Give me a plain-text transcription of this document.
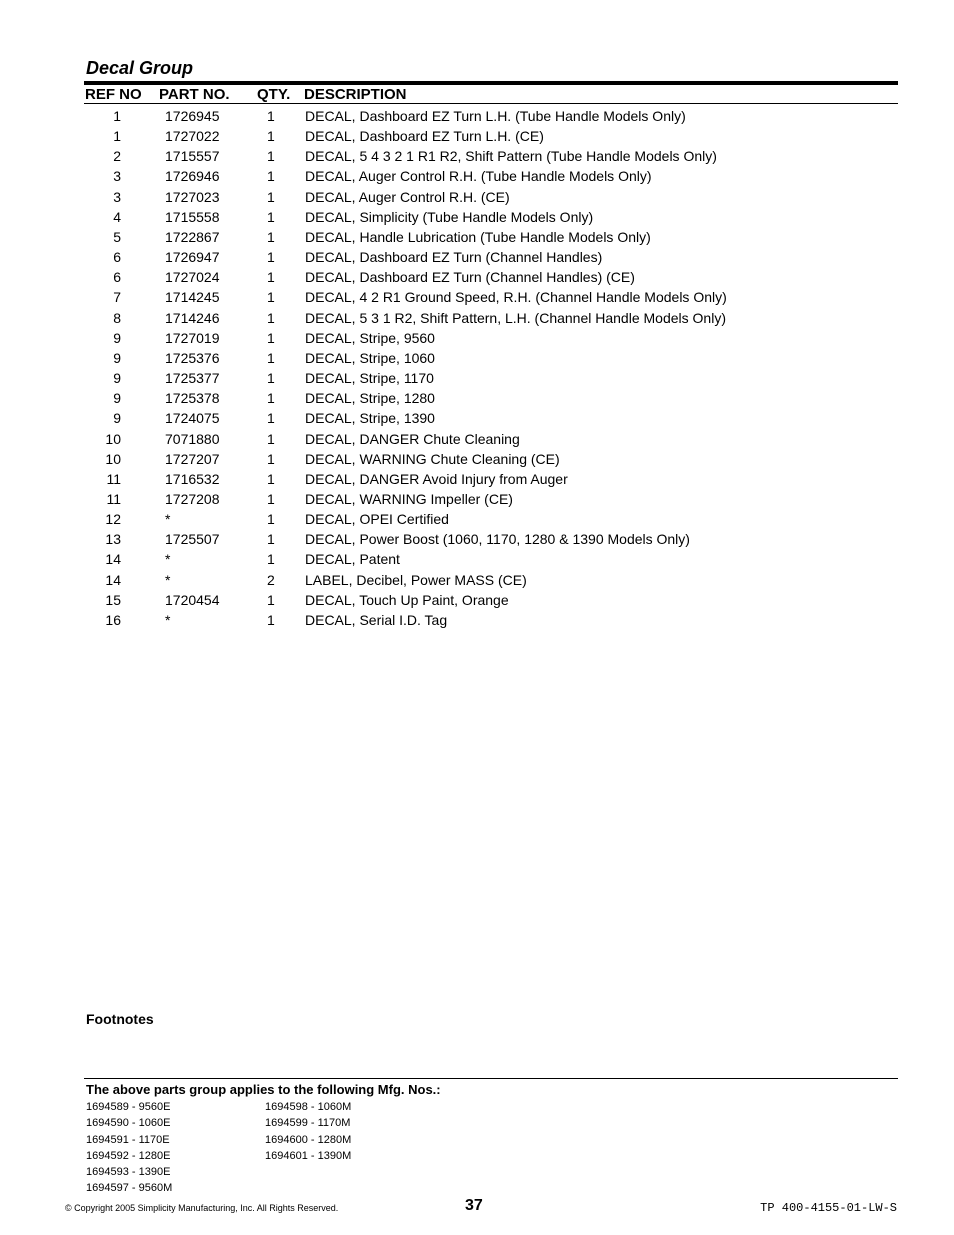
Decal Group
REF NO PART NO. QTY. DESCRIPTION
1	1726945	1 DECAL, Dashboard EZ Turn L.H. (Tube Handle Models Only)
1	1727022	1 DECAL, Dashboard EZ Turn L.H. (CE)
2	1715557	1 DECAL, 5 4 3 2 1 R1 R2, Shift Pattern (Tube Handle Models Only)
3	1726946	1 DECAL, Auger Control R.H. (Tube Handle Models Only)
3	1727023	1 DECAL, Auger Control R.H. (CE)
4	1715558	1 DECAL, Simplicity (Tube Handle Models Only)
5	1722867	1 DECAL, Handle Lubrication (Tube Handle Models Only)
6	1726947	1 DECAL, Dashboard EZ Turn (Channel Handles)
6	1727024	1 DECAL, Dashboard EZ Turn (Channel Handles) (CE)
7	1714245	1 DECAL, 4 2 R1 Ground Speed, R.H. (Channel Handle Models Only)
8	1714246	1 DECAL, 5 3 1 R2, Shift Pattern, L.H. (Channel Handle Models Only)
9	1727019	1 DECAL, Stripe, 9560
9	1725376	1 DECAL, Stripe, 1060
9	1725377	1 DECAL, Stripe, 1170
9	1725378	1 DECAL, Stripe, 1280
9	1724075	1 DECAL, Stripe, 1390
10	7071880	1 DECAL, DANGER Chute Cleaning
10	1727207	1 DECAL, WARNING Chute Cleaning (CE)
11	1716532	1 DECAL, DANGER Avoid Injury from Auger
11	1727208	1 DECAL, WARNING Impeller (CE)
12	*	1 DECAL, OPEI Certified
13	1725507	1 DECAL, Power Boost (1060, 1170, 1280 & 1390 Models Only)
14	*	1 DECAL, Patent
14	*	2 LABEL, Decibel, Power MASS (CE)
15	1720454	1 DECAL, Touch Up Paint, Orange
16	*	1 DECAL, Serial I.D. Tag
Footnotes
The above parts group applies to the following Mfg. Nos.:
1694589 - 9560E
1694590 - 1060E
1694591 - 1170E
1694592 - 1280E
1694593 - 1390E
1694597 - 9560M
1694598 - 1060M
1694599 - 1170M
1694600 - 1280M
1694601 - 1390M
© Copyright 2005 Simplicity Manufacturing, Inc. All Rights Reserved.	37	TP 400-4155-01-LW-S
